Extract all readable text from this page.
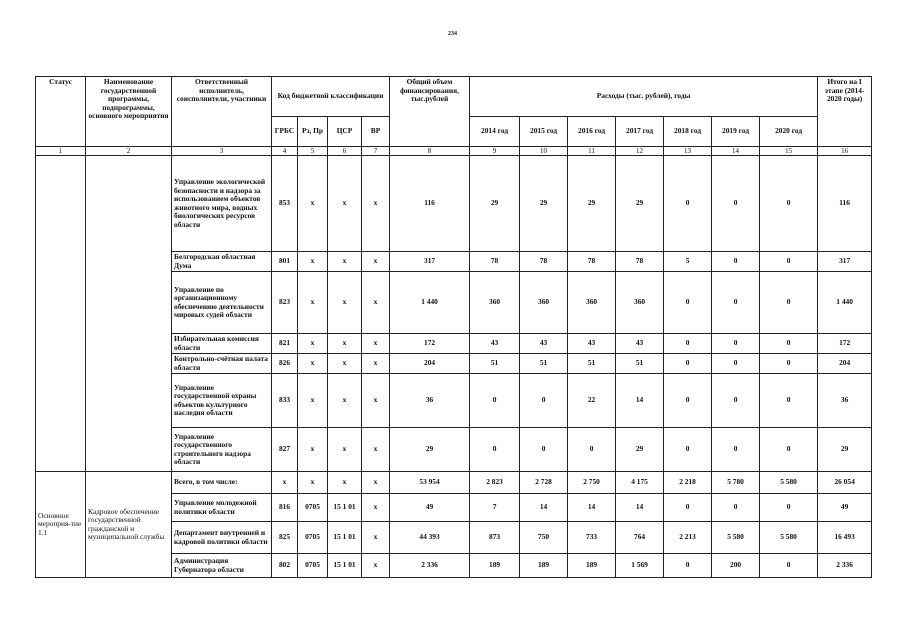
234
Статус	Наименование государственной программы, подпрограммы, основного мероприятия	Ответственный исполнитель, соисполнители, участники	Код бюджетной классификации				Общий объем финансирования, тыс.рублей	Расходы (тыс. рублей), годы							Итого на I этапе (2014-2020 годы)
			ГРБС	Рз, Пр	ЦСР	ВР		2014 год	2015 год	2016 год	2017 год	2018 год	2019 год	2020 год	
1	2	3	4	5	6	7	8	9	10	11	12	13	14	15	16
		Управление экологической безопасности и надзора за использованием объектов животного мира, водных биологических ресурсов области	853	х	х	х	116	29	29	29	29	0	0	0	116
		Белгородская областная Дума	801	х	х	х	317	78	78	78	78	5	0	0	317
		Управление по организационному обеспечению деятельности мировых судей области	823	х	х	х	1 440	360	360	360	360	0	0	0	1 440
		Избирательная комиссия области	821	х	х	х	172	43	43	43	43	0	0	0	172
		Контрольно-счётная палата области	826	х	х	х	204	51	51	51	51	0	0	0	204
		Управление государственной охраны объектов культурного наследия области	833	х	х	х	36	0	0	22	14	0	0	0	36
		Управление государственного строительного надзора области	827	х	х	х	29	0	0	0	29	0	0	0	29
Основное мероприя-тие 1.1	Кадровое обеспечение государственной гражданской и муниципальной службы	Всего, в том числе:	х	х	х	х	53 954	2 823	2 728	2 750	4 175	2 218	5 780	5 580	26 054
		Управление молодежной политики области	816	0705	15 1 01	х	49	7	14	14	14	0	0	0	49
		Департамент внутренней и кадровой политики области	825	0705	15 1 01	х	44 393	873	750	733	764	2 213	5 580	5 580	16 493
		Администрация Губернатора области	802	0705	15 1 01	х	2 336	189	189	189	1 569	0	200	0	2 336
